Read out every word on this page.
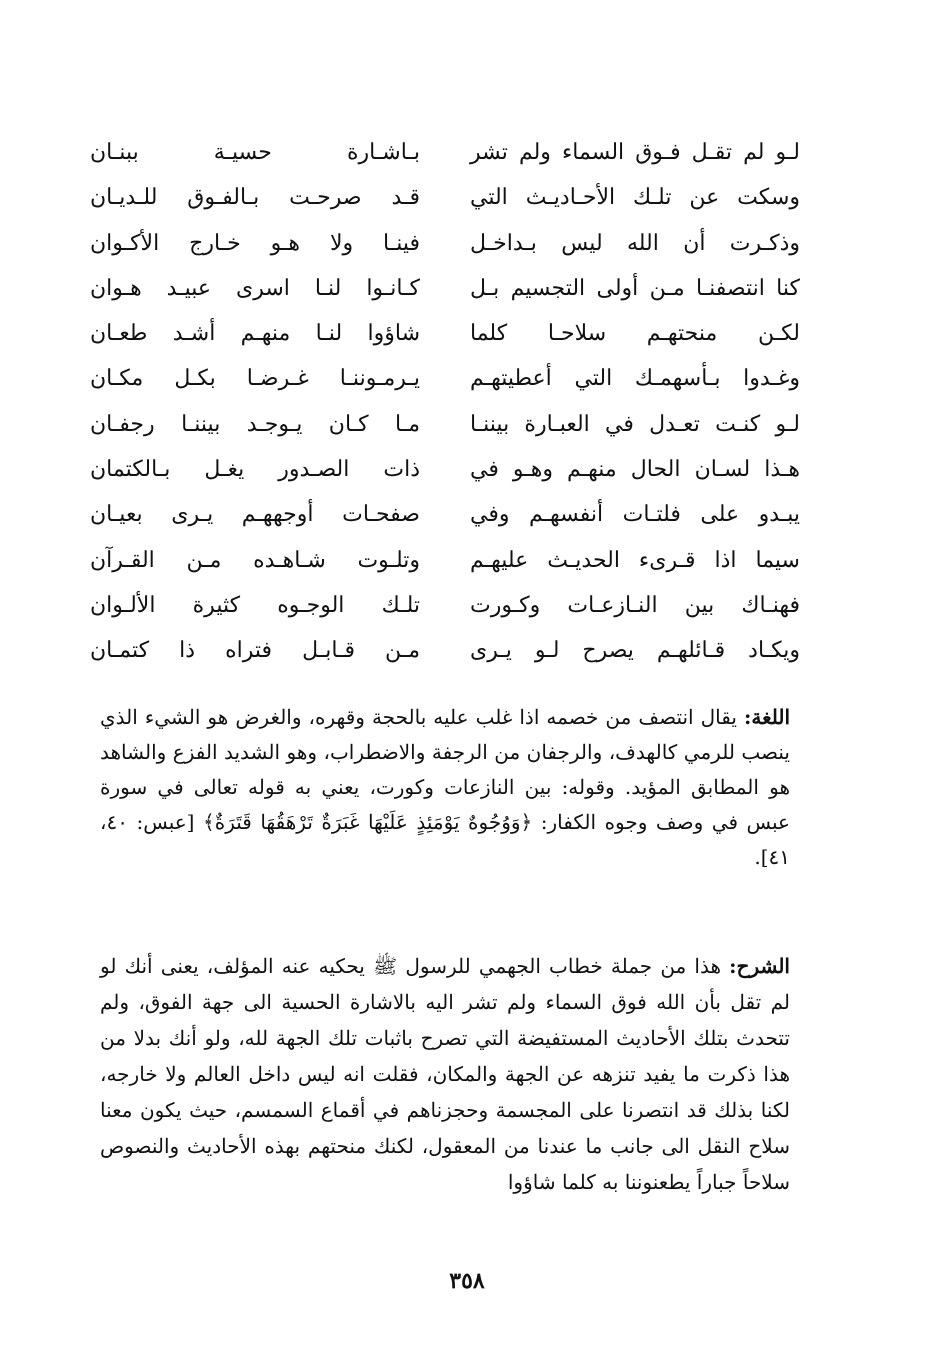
لـو لم تقـل فـوق السماء ولم تشر
وسكت عن تلـك الأحـاديـث التي
وذكـرت أن الله ليس بـداخـل
كنا انتصفنـا مـن أولى التجسيم بـل
لكـن منحتهـم سلاحـا كلما
وغـدوا بـأسهمـك التي أعطيتهـم
لـو كنـت تعـدل في العبـارة بيننـا
هـذا لسـان الحال منهـم وهـو في
يبـدو على فلتـات أنفسهـم وفي
سيما اذا قـرىء الحديـث عليهـم
فهنـاك بين النـازعـات وكـورت
ويكـاد قـائلهـم يصرح لـو يـرى
بـاشـارة حسيـة ببنـان
قـد صرحـت بـالفـوق للـديـان
فينـا ولا هـو خـارج الأكـوان
كـانـوا لنـا اسرى عبيـد هـوان
شاؤوا لنـا منهـم أشـد طعـان
يـرمـوننـا غـرضـا بكـل مكـان
مـا كـان يـوجـد بيننـا رجفـان
ذات الصـدور يغـل بـالكتمان
صفحـات أوجههـم يـرى بعيـان
وتلـوت شـاهـده مـن القـرآن
تلـك الوجـوه كثيرة الألـوان
مـن قـابـل فتراه ذا كتمـان

اللغة: يقال انتصف من خصمه اذا غلب عليه بالحجة وقهره، والغرض هو الشيء الذي ينصب للرمي كالهدف، والرجفان من الرجفة والاضطراب، وهو الشديد الفزع والشاهد هو المطابق المؤيد. وقوله: بين النازعات وكورت، يعني به قوله تعالى في سورة عبس في وصف وجوه الكفار: ﴿وَوُجُوهٌ يَوْمَئِذٍ عَلَيْهَا غَبَرَةٌ تَرْهَقُهَا قَتَرَةٌ﴾ [عبس: ٤٠، ٤١].

الشرح: هذا من جملة خطاب الجهمي للرسول ﷺ يحكيه عنه المؤلف، يعنى أنك لو لم تقل بأن الله فوق السماء ولم تشر اليه بالاشارة الحسية الى جهة الفوق، ولم تتحدث بتلك الأحاديث المستفيضة التي تصرح باثبات تلك الجهة لله، ولو أنك بدلا من هذا ذكرت ما يفيد تنزهه عن الجهة والمكان، فقلت انه ليس داخل العالم ولا خارجه، لكنا بذلك قد انتصرنا على المجسمة وحجزناهم في أقماع السمسم، حيث يكون معنا سلاح النقل الى جانب ما عندنا من المعقول، لكنك منحتهم بهذه الأحاديث والنصوص سلاحاً جباراً يطعنوننا به كلما شاؤوا

٣٥٨
